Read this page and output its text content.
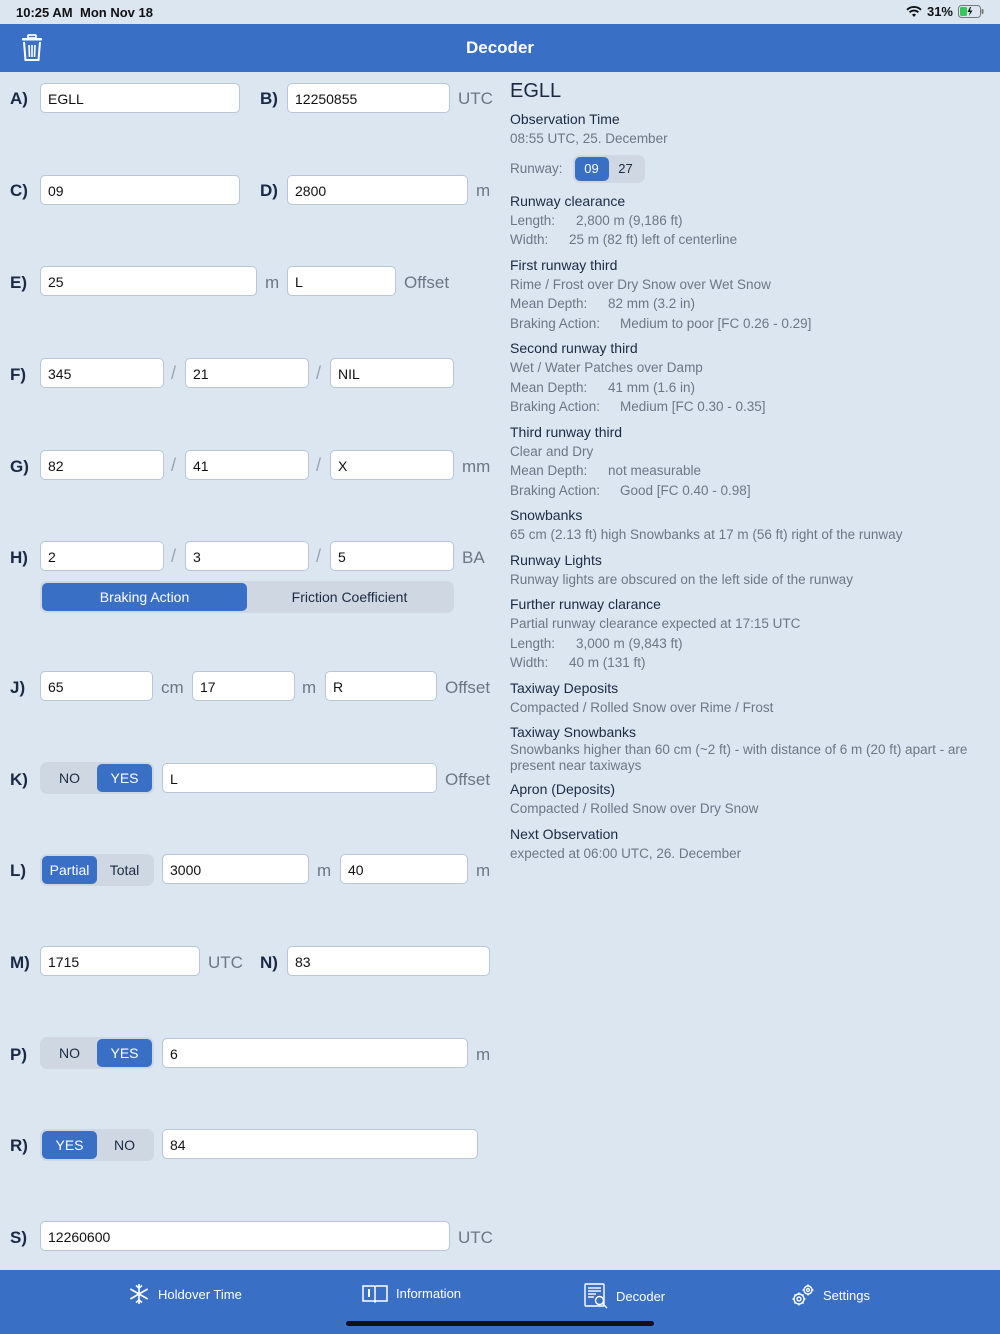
10:25 AM Mon Nov 18	31%
Decoder
A)	EGLL	B)	12250855	UTC
C)	09	D)	2800	m
E)	25	m	L	Offset
F)	345	/	21	/	NIL
G)	82	/	41	/	X	mm
H)	2	/	3	/	5	BA
Braking Action	Friction Coefficient
J)	65	cm	17	m	R	Offset
K)	NO	YES	L	Offset
L)	Partial	Total	3000	m	40	m
M)	1715	UTC N)	83
P)	NO	YES	6	m
R)	YES	NO	84
S)	12260600	UTC
EGLL
Observation Time
08:55 UTC, 25. December
Runway:	09	27
Runway clearance
Length: 2,800 m (9,186 ft)
Width: 25 m (82 ft) left of centerline
First runway third
Rime / Frost over Dry Snow over Wet Snow
Mean Depth: 82 mm (3.2 in)
Braking Action: Medium to poor [FC 0.26 - 0.29]
Second runway third
Wet / Water Patches over Damp
Mean Depth: 41 mm (1.6 in)
Braking Action: Medium [FC 0.30 - 0.35]
Third runway third
Clear and Dry
Mean Depth: not measurable
Braking Action: Good [FC 0.40 - 0.98]
Snowbanks
65 cm (2.13 ft) high Snowbanks at 17 m (56 ft) right of the runway
Runway Lights
Runway lights are obscured on the left side of the runway
Further runway clarance
Partial runway clearance expected at 17:15 UTC
Length: 3,000 m (9,843 ft)
Width: 40 m (131 ft)
Taxiway Deposits
Compacted / Rolled Snow over Rime / Frost
Taxiway Snowbanks
Snowbanks higher than 60 cm (~2 ft) - with distance of 6 m (20 ft) apart - are present near taxiways
Apron (Deposits)
Compacted / Rolled Snow over Dry Snow
Next Observation
expected at 06:00 UTC, 26. December
Holdover Time	Information	Decoder	Settings
